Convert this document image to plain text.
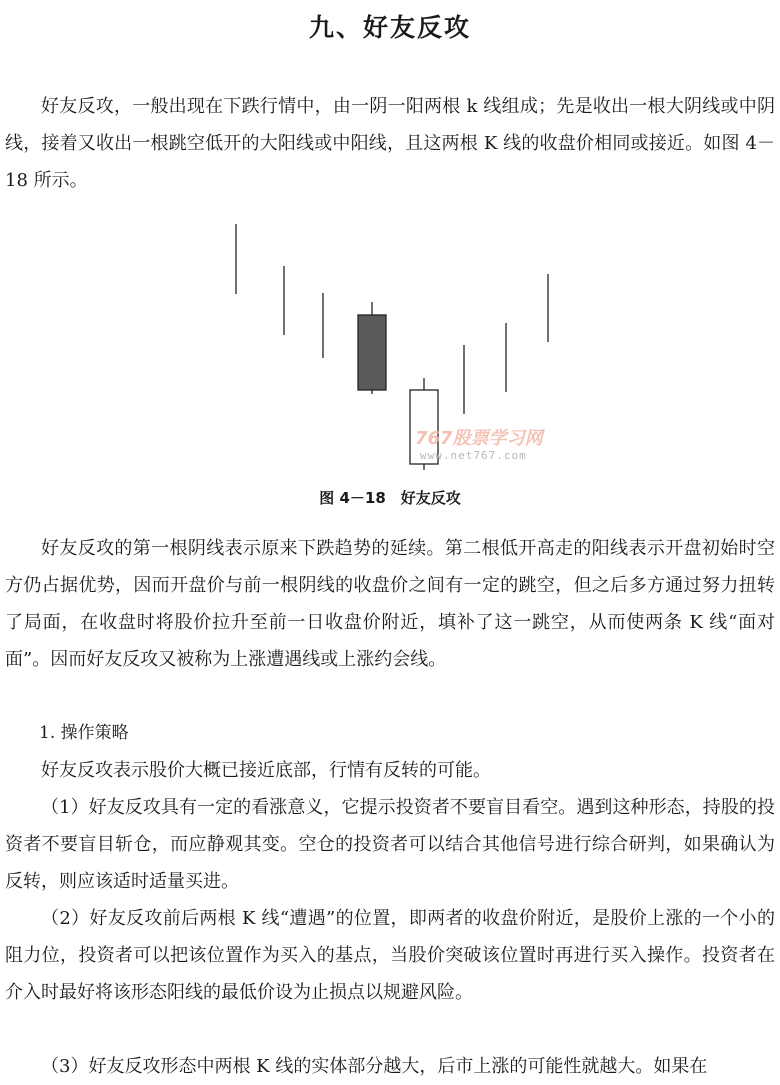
九、好友反攻

好友反攻，一般出现在下跌行情中，由一阴一阳两根 k 线组成；先是收出一根大阴线或中阴线，接着又收出一根跳空低开的大阳线或中阳线，且这两根 K 线的收盘价相同或接近。如图 4－18 所示。

767股票学习网
www.net767.com
图 4－18　好友反攻

好友反攻的第一根阴线表示原来下跌趋势的延续。第二根低开高走的阳线表示开盘初始时空方仍占据优势，因而开盘价与前一根阴线的收盘价之间有一定的跳空，但之后多方通过努力扭转了局面，在收盘时将股价拉升至前一日收盘价附近，填补了这一跳空，从而使两条 K 线“面对面”。因而好友反攻又被称为上涨遭遇线或上涨约会线。

1. 操作策略

好友反攻表示股价大概已接近底部，行情有反转的可能。

（1）好友反攻具有一定的看涨意义，它提示投资者不要盲目看空。遇到这种形态，持股的投资者不要盲目斩仓，而应静观其变。空仓的投资者可以结合其他信号进行综合研判，如果确认为反转，则应该适时适量买进。

（2）好友反攻前后两根 K 线“遭遇”的位置，即两者的收盘价附近，是股价上涨的一个小的阻力位，投资者可以把该位置作为买入的基点，当股价突破该位置时再进行买入操作。投资者在介入时最好将该形态阳线的最低价设为止损点以规避风险。

（3）好友反攻形态中两根 K 线的实体部分越大，后市上涨的可能性就越大。如果在
